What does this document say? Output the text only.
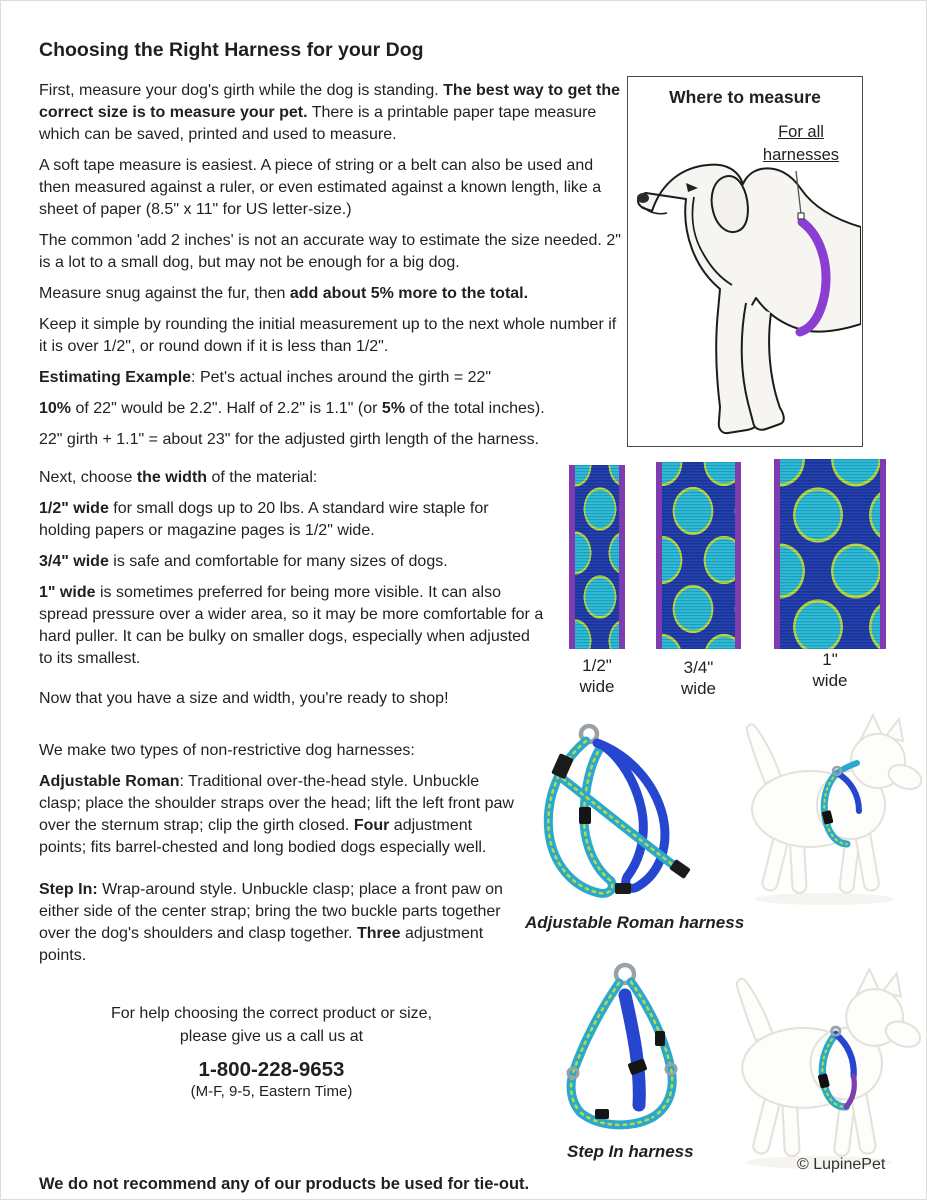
Choosing the Right Harness for your Dog

First, measure your dog's girth while the dog is standing. The best way to get the correct size is to measure your pet. There is a printable paper tape measure which can be saved, printed and used to measure.

A soft tape measure is easiest. A piece of string or a belt can also be used and then measured against a ruler, or even estimated against a known length, like a sheet of paper (8.5" x 11" for US letter-size.)

The common 'add 2 inches' is not an accurate way to estimate the size needed. 2" is a lot to a small dog, but may not be enough for a big dog.

Measure snug against the fur, then add about 5% more to the total.

Keep it simple by rounding the initial measurement up to the next whole number if it is over 1/2", or round down if it is less than 1/2".

Estimating Example: Pet's actual inches around the girth = 22"

10% of 22" would be 2.2". Half of 2.2" is 1.1" (or 5% of the total inches).

22" girth + 1.1" = about 23" for the adjusted girth length of the harness.

Next, choose the width of the material:

1/2" wide for small dogs up to 20 lbs. A standard wire staple for holding papers or magazine pages is 1/2" wide.

3/4" wide is safe and comfortable for many sizes of dogs.

1" wide is sometimes preferred for being more visible. It can also spread pressure over a wider area, so it may be more comfortable for a hard puller. It can be bulky on smaller dogs, especially when adjusted to its smallest.

Now that you have a size and width, you're ready to shop!

We make two types of non-restrictive dog harnesses:

Adjustable Roman: Traditional over-the-head style. Unbuckle clasp; place the shoulder straps over the head; lift the left front paw over the sternum strap; clip the girth closed. Four adjustment points; fits barrel-chested and long bodied dogs especially well.

Step In: Wrap-around style. Unbuckle clasp; place a front paw on either side of the center strap; bring the two buckle parts together over the dog's shoulders and clasp together. Three adjustment points.

For help choosing the correct product or size,
please give us a call us at
1-800-228-9653
(M-F, 9-5, Eastern Time)
We do not recommend any of our products be used for tie-out.
Where to measure
For all
harnesses
1/2"
wide
3/4"
wide
1"
wide
Adjustable Roman harness
Step In harness
© LupinePet
